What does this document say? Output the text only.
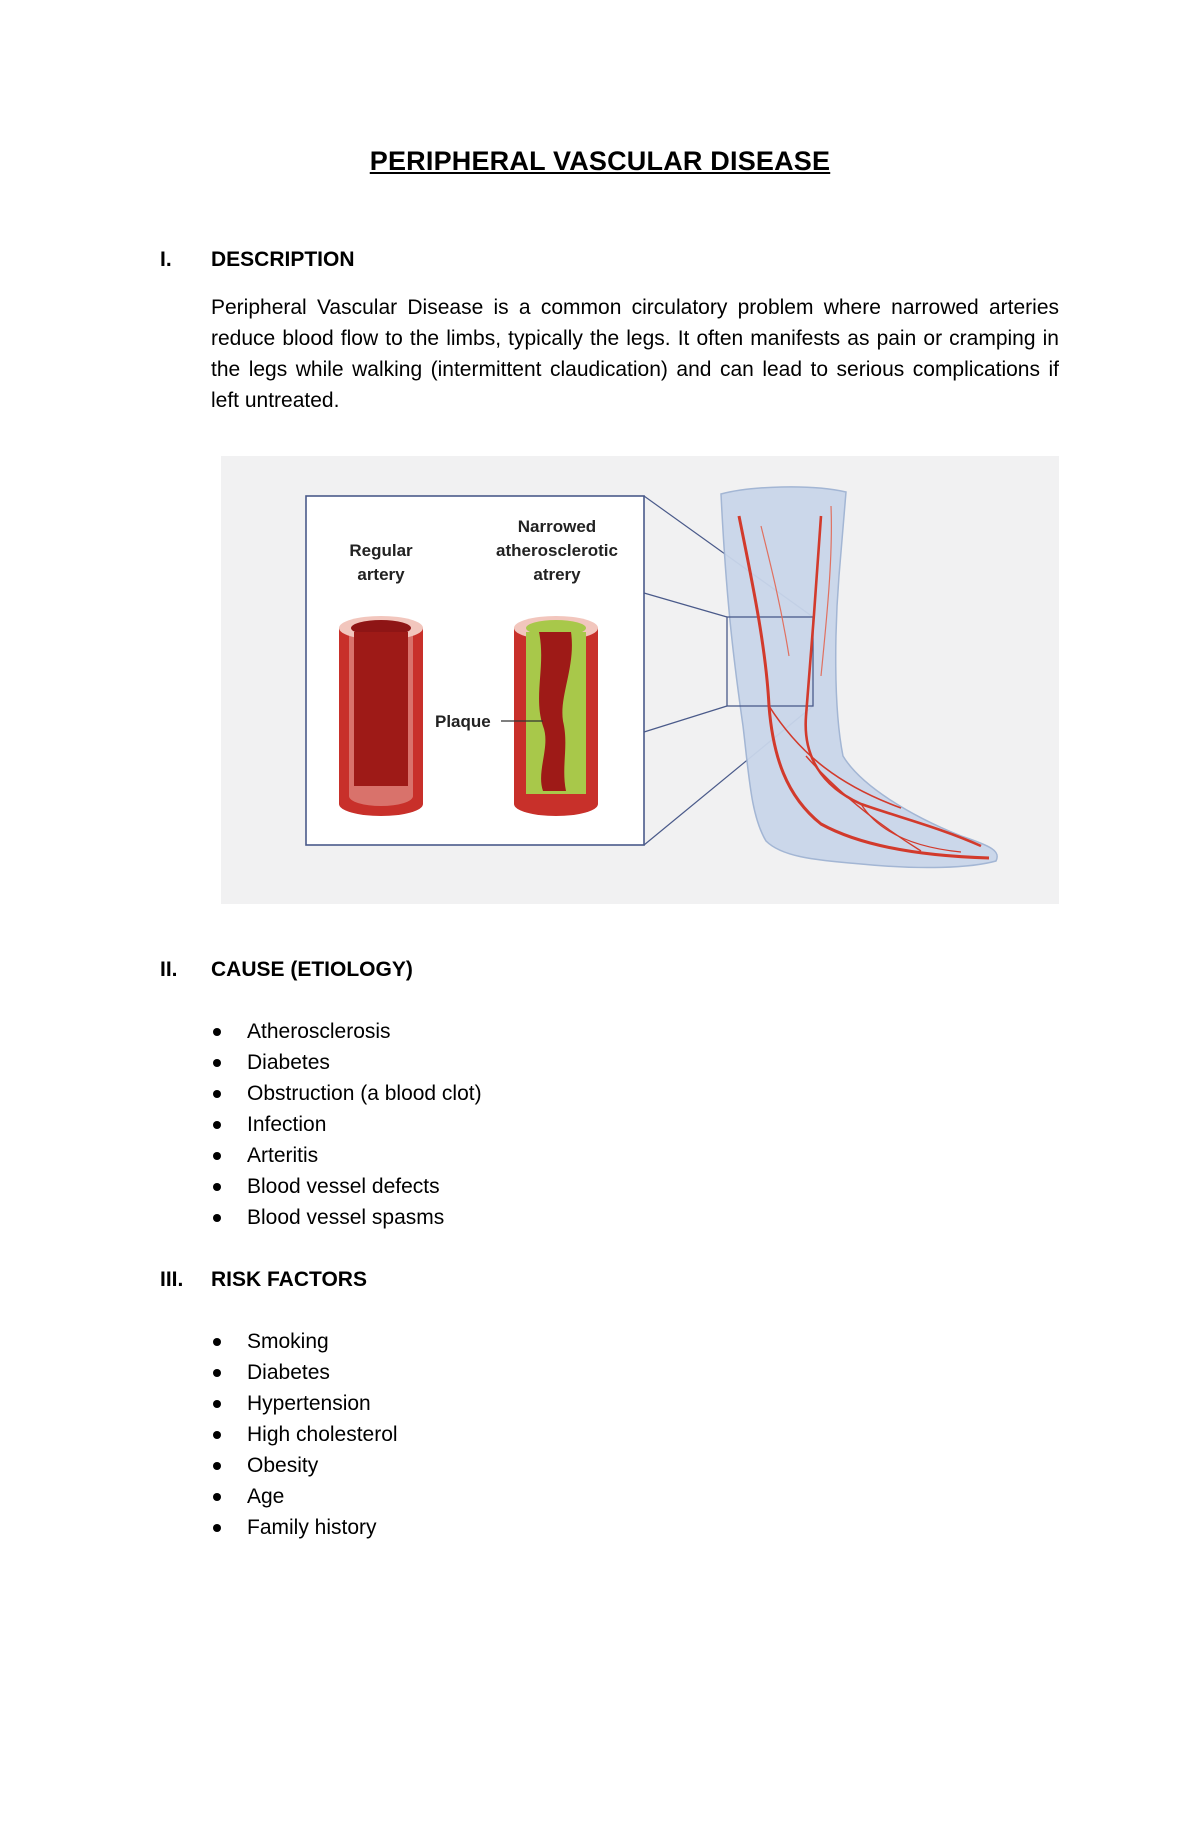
PERIPHERAL VASCULAR DISEASE
I. DESCRIPTION
Peripheral Vascular Disease is a common circulatory problem where narrowed arteries reduce blood flow to the limbs, typically the legs. It often manifests as pain or cramping in the legs while walking (intermittent claudication) and can lead to serious complications if left untreated.
Regular
artery
Narrowed
atherosclerotic
atrery
Plaque
II. CAUSE (ETIOLOGY)
Atherosclerosis
Diabetes
Obstruction (a blood clot)
Infection
Arteritis
Blood vessel defects
Blood vessel spasms
III. RISK FACTORS
Smoking
Diabetes
Hypertension
High cholesterol
Obesity
Age
Family history
